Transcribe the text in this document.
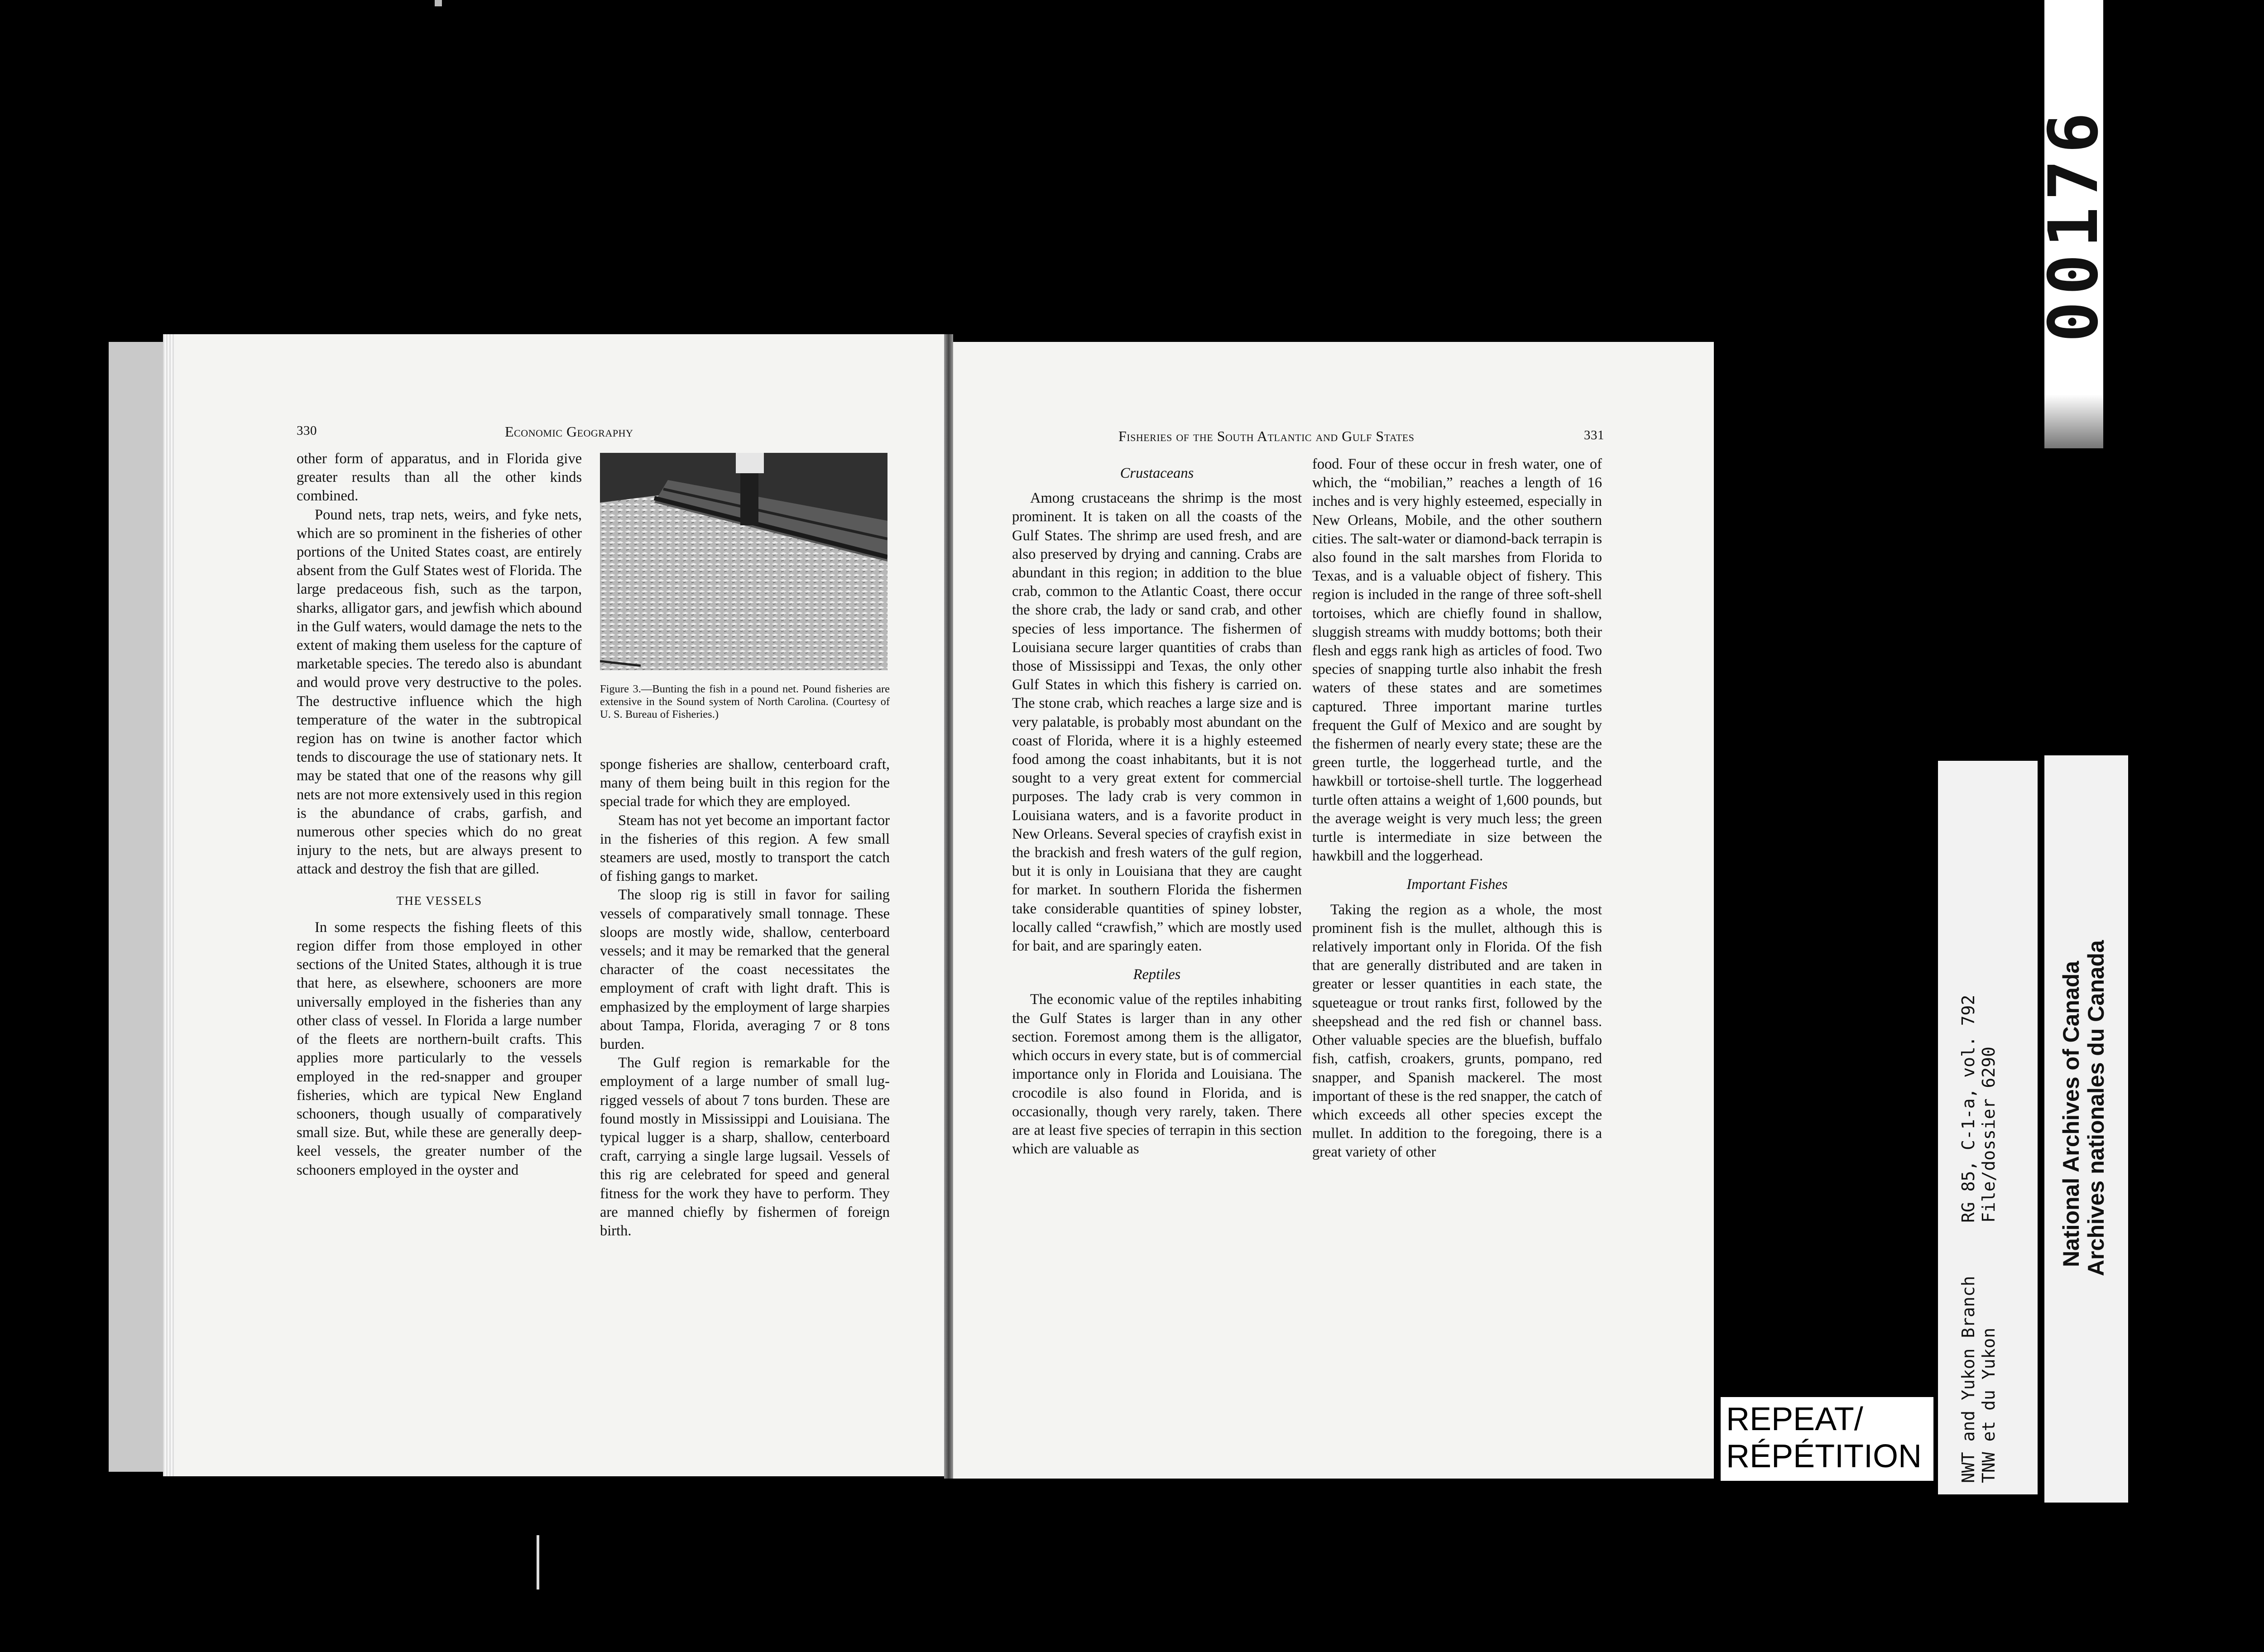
330	Economic Geography

other form of apparatus, and in Florida give greater results than all the other kinds combined.

Pound nets, trap nets, weirs, and fyke nets, which are so prominent in the fisheries of other portions of the United States coast, are entirely absent from the Gulf States west of Florida. The large predaceous fish, such as the tarpon, sharks, alligator gars, and jewfish which abound in the Gulf waters, would damage the nets to the extent of making them useless for the capture of marketable species. The teredo also is abundant and would prove very destructive to the poles. The destructive influence which the high temperature of the water in the subtropical region has on twine is another factor which tends to discourage the use of stationary nets. It may be stated that one of the reasons why gill nets are not more extensively used in this region is the abundance of crabs, garfish, and numerous other species which do no great injury to the nets, but are always present to attack and destroy the fish that are gilled.

THE VESSELS

In some respects the fishing fleets of this region differ from those employed in other sections of the United States, although it is true that here, as elsewhere, schooners are more universally employed in the fisheries than any other class of vessel. In Florida a large number of the fleets are northern-built crafts. This applies more particularly to the vessels employed in the red-snapper and grouper fisheries, which are typical New England schooners, though usually of comparatively small size. But, while these are generally deep-keel vessels, the greater number of the schooners employed in the oyster and

Figure 3.—Bunting the fish in a pound net. Pound fisheries are extensive in the Sound system of North Carolina. (Courtesy of U. S. Bureau of Fisheries.)

sponge fisheries are shallow, centerboard craft, many of them being built in this region for the special trade for which they are employed.

Steam has not yet become an important factor in the fisheries of this region. A few small steamers are used, mostly to transport the catch of fishing gangs to market.

The sloop rig is still in favor for sailing vessels of comparatively small tonnage. These sloops are mostly wide, shallow, centerboard vessels; and it may be remarked that the general character of the coast necessitates the employment of craft with light draft. This is emphasized by the employment of large sharpies about Tampa, Florida, averaging 7 or 8 tons burden.

The Gulf region is remarkable for the employment of a large number of small lug-rigged vessels of about 7 tons burden. These are found mostly in Mississippi and Louisiana. The typical lugger is a sharp, shallow, centerboard craft, carrying a single large lugsail. Vessels of this rig are celebrated for speed and general fitness for the work they have to perform. They are manned chiefly by fishermen of foreign birth.

Fisheries of the South Atlantic and Gulf States	331

Crustaceans

Among crustaceans the shrimp is the most prominent. It is taken on all the coasts of the Gulf States. The shrimp are used fresh, and are also preserved by drying and canning. Crabs are abundant in this region; in addition to the blue crab, common to the Atlantic Coast, there occur the shore crab, the lady or sand crab, and other species of less importance. The fishermen of Louisiana secure larger quantities of crabs than those of Mississippi and Texas, the only other Gulf States in which this fishery is carried on. The stone crab, which reaches a large size and is very palatable, is probably most abundant on the coast of Florida, where it is a highly esteemed food among the coast inhabitants, but it is not sought to a very great extent for commercial purposes. The lady crab is very common in Louisiana waters, and is a favorite product in New Orleans. Several species of crayfish exist in the brackish and fresh waters of the gulf region, but it is only in Louisiana that they are caught for market. In southern Florida the fishermen take considerable quantities of spiney lobster, locally called “crawfish,” which are mostly used for bait, and are sparingly eaten.

Reptiles

The economic value of the reptiles inhabiting the Gulf States is larger than in any other section. Foremost among them is the alligator, which occurs in every state, but is of commercial importance only in Florida and Louisiana. The crocodile is also found in Florida, and is occasionally, though very rarely, taken. There are at least five species of terrapin in this section which are valuable as

food. Four of these occur in fresh water, one of which, the “mobilian,” reaches a length of 16 inches and is very highly esteemed, especially in New Orleans, Mobile, and the other southern cities. The salt-water or diamond-back terrapin is also found in the salt marshes from Florida to Texas, and is a valuable object of fishery. This region is included in the range of three soft-shell tortoises, which are chiefly found in shallow, sluggish streams with muddy bottoms; both their flesh and eggs rank high as articles of food. Two species of snapping turtle also inhabit the fresh waters of these states and are sometimes captured. Three important marine turtles frequent the Gulf of Mexico and are sought by the fishermen of nearly every state; these are the green turtle, the loggerhead turtle, and the hawkbill or tortoise-shell turtle. The loggerhead turtle often attains a weight of 1,600 pounds, but the average weight is very much less; the green turtle is intermediate in size between the hawkbill and the loggerhead.

Important Fishes

Taking the region as a whole, the most prominent fish is the mullet, although this is relatively important only in Florida. Of the fish that are generally distributed and are taken in greater or lesser quantities in each state, the squeteague or trout ranks first, followed by the sheepshead and the red fish or channel bass. Other valuable species are the bluefish, buffalo fish, catfish, croakers, grunts, pompano, red snapper, and Spanish mackerel. The most important of these is the red snapper, the catch of which exceeds all other species except the mullet. In addition to the foregoing, there is a great variety of other

00176
REPEAT/
RÉPÉTITION
RG 85, C-1-a, vol. 792 File/dossier 6290
NWT and Yukon Branch TNW et du Yukon
National Archives of Canada Archives nationales du Canada
